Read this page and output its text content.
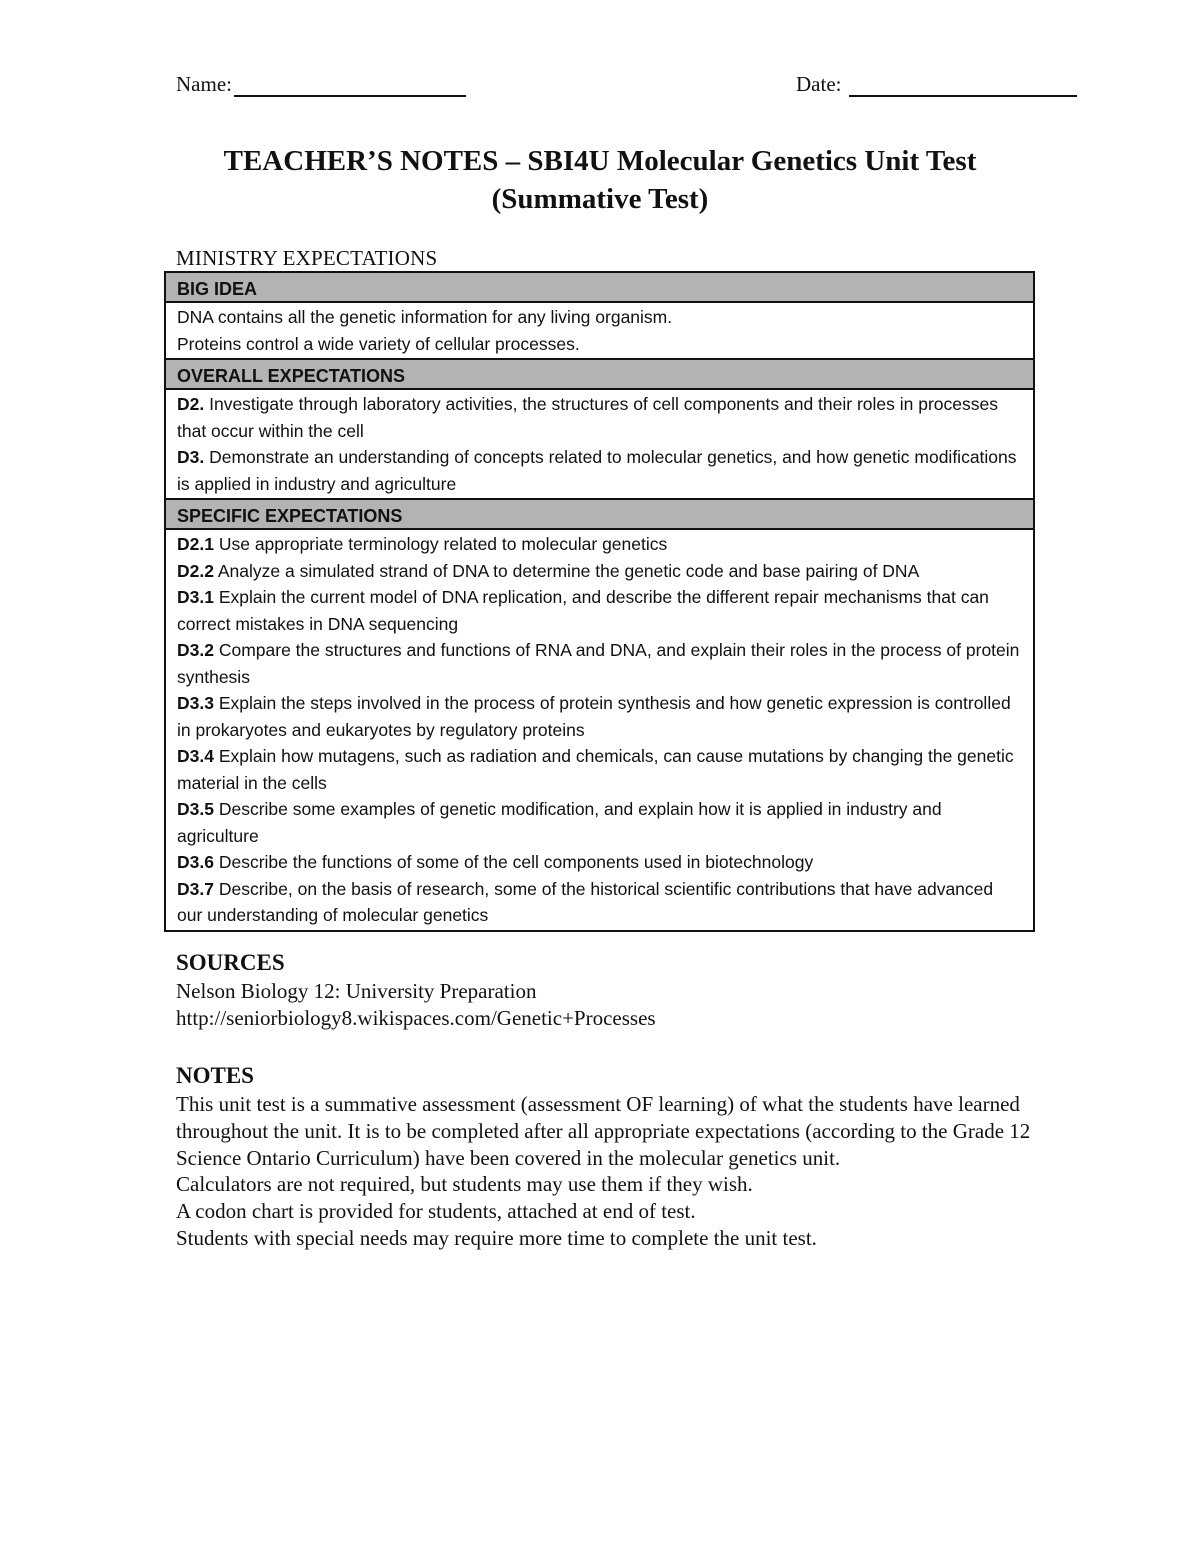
Name:	Date:
TEACHER’S NOTES – SBI4U Molecular Genetics Unit Test
(Summative Test)
MINISTRY EXPECTATIONS
BIG IDEA
DNA contains all the genetic information for any living organism.
Proteins control a wide variety of cellular processes.
OVERALL EXPECTATIONS
D2. Investigate through laboratory activities, the structures of cell components and their roles in processes that occur within the cell
D3. Demonstrate an understanding of concepts related to molecular genetics, and how genetic modifications is applied in industry and agriculture
SPECIFIC EXPECTATIONS
D2.1 Use appropriate terminology related to molecular genetics
D2.2 Analyze a simulated strand of DNA to determine the genetic code and base pairing of DNA
D3.1 Explain the current model of DNA replication, and describe the different repair mechanisms that can correct mistakes in DNA sequencing
D3.2 Compare the structures and functions of RNA and DNA, and explain their roles in the process of protein synthesis
D3.3 Explain the steps involved in the process of protein synthesis and how genetic expression is controlled in prokaryotes and eukaryotes by regulatory proteins
D3.4 Explain how mutagens, such as radiation and chemicals, can cause mutations by changing the genetic material in the cells
D3.5 Describe some examples of genetic modification, and explain how it is applied in industry and agriculture
D3.6 Describe the functions of some of the cell components used in biotechnology
D3.7 Describe, on the basis of research, some of the historical scientific contributions that have advanced our understanding of molecular genetics
SOURCES
Nelson Biology 12: University Preparation
http://seniorbiology8.wikispaces.com/Genetic+Processes
NOTES
This unit test is a summative assessment (assessment OF learning) of what the students have learned throughout the unit. It is to be completed after all appropriate expectations (according to the Grade 12 Science Ontario Curriculum) have been covered in the molecular genetics unit.
Calculators are not required, but students may use them if they wish.
A codon chart is provided for students, attached at end of test.
Students with special needs may require more time to complete the unit test.
